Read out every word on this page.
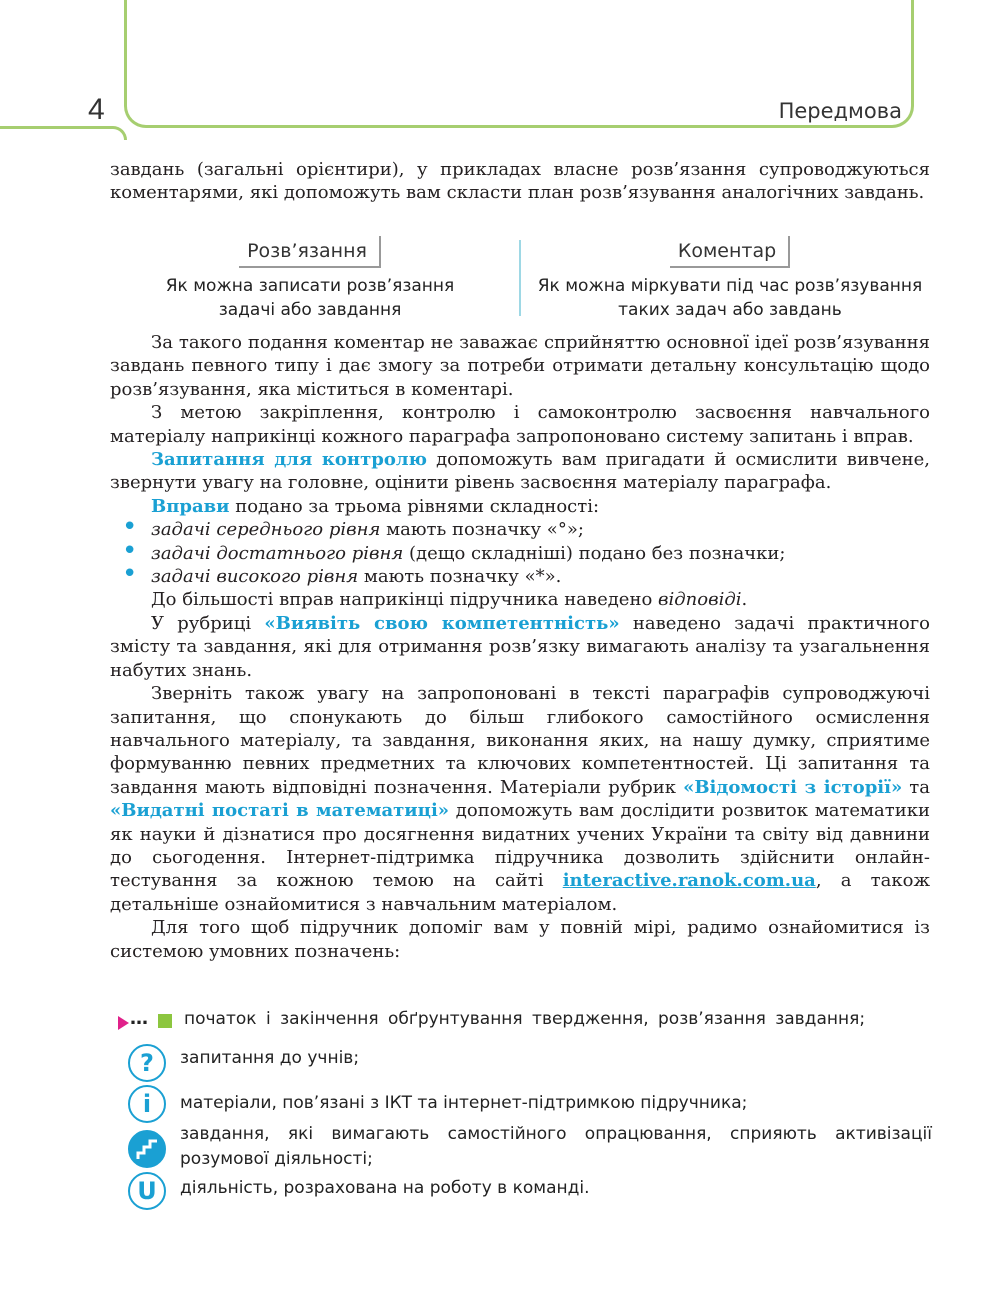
4	Передмова

завдань (загальні орієнтири), у прикладах власне розв’язання супроводжуються коментарями, які допоможуть вам скласти план розв’язування аналогічних завдань.

Розв’язання
Як можна записати розв’язання
задачі або завдання
Коментар
Як можна міркувати під час розв’язування
таких задач або завдань

За такого подання коментар не заважає сприйняттю основної ідеї розв’язування завдань певного типу і дає змогу за потреби отримати детальну консультацію щодо розв’язування, яка міститься в коментарі.

З метою закріплення, контролю і самоконтролю засвоєння навчального матеріалу наприкінці кожного параграфа запропоновано систему запитань і вправ.

Запитання для контролю допоможуть вам пригадати й осмислити вивчене, звернути увагу на головне, оцінити рівень засвоєння матеріалу параграфа.

Вправи подано за трьома рівнями складності:

• задачі середнього рівня мають позначку «°»;
• задачі достатнього рівня (дещо складніші) подано без позначки;
• задачі високого рівня мають позначку «*».

До більшості вправ наприкінці підручника наведено відповіді.

У рубриці «Виявіть свою компетентність» наведено задачі практичного змісту та завдання, які для отримання розв’язку вимагають аналізу та узагальнення набутих знань.

Зверніть також увагу на запропоновані в тексті параграфів супроводжуючі запитання, що спонукають до більш глибокого самостійного осмислення навчального матеріалу, та завдання, виконання яких, на нашу думку, сприятиме формуванню певних предметних та ключових компетентностей. Ці запитання та завдання мають відповідні позначення. Матеріали рубрик «Відомості з історії» та «Видатні постаті в математиці» допоможуть вам дослідити розвиток математики як науки й дізнатися про досягнення видатних учених України та світу від давнини до сьогодення. Інтернет-підтримка підручника дозволить здійснити онлайн-тестування за кожною темою на сайті interactive.ranok.com.ua, а також детальніше ознайомитися з навчальним матеріалом.

Для того щоб підручник допоміг вам у повній мірі, радимо ознайомитися із системою умовних позначень:

… початок і закінчення обґрунтування твердження, розв’язання завдання;
?	запитання до учнів;
i	матеріали, пов’язані з ІКТ та інтернет-підтримкою підручника;
завдання, які вимагають самостійного опрацювання, сприяють активізації розумової діяльності;
U	діяльність, розрахована на роботу в команді.
